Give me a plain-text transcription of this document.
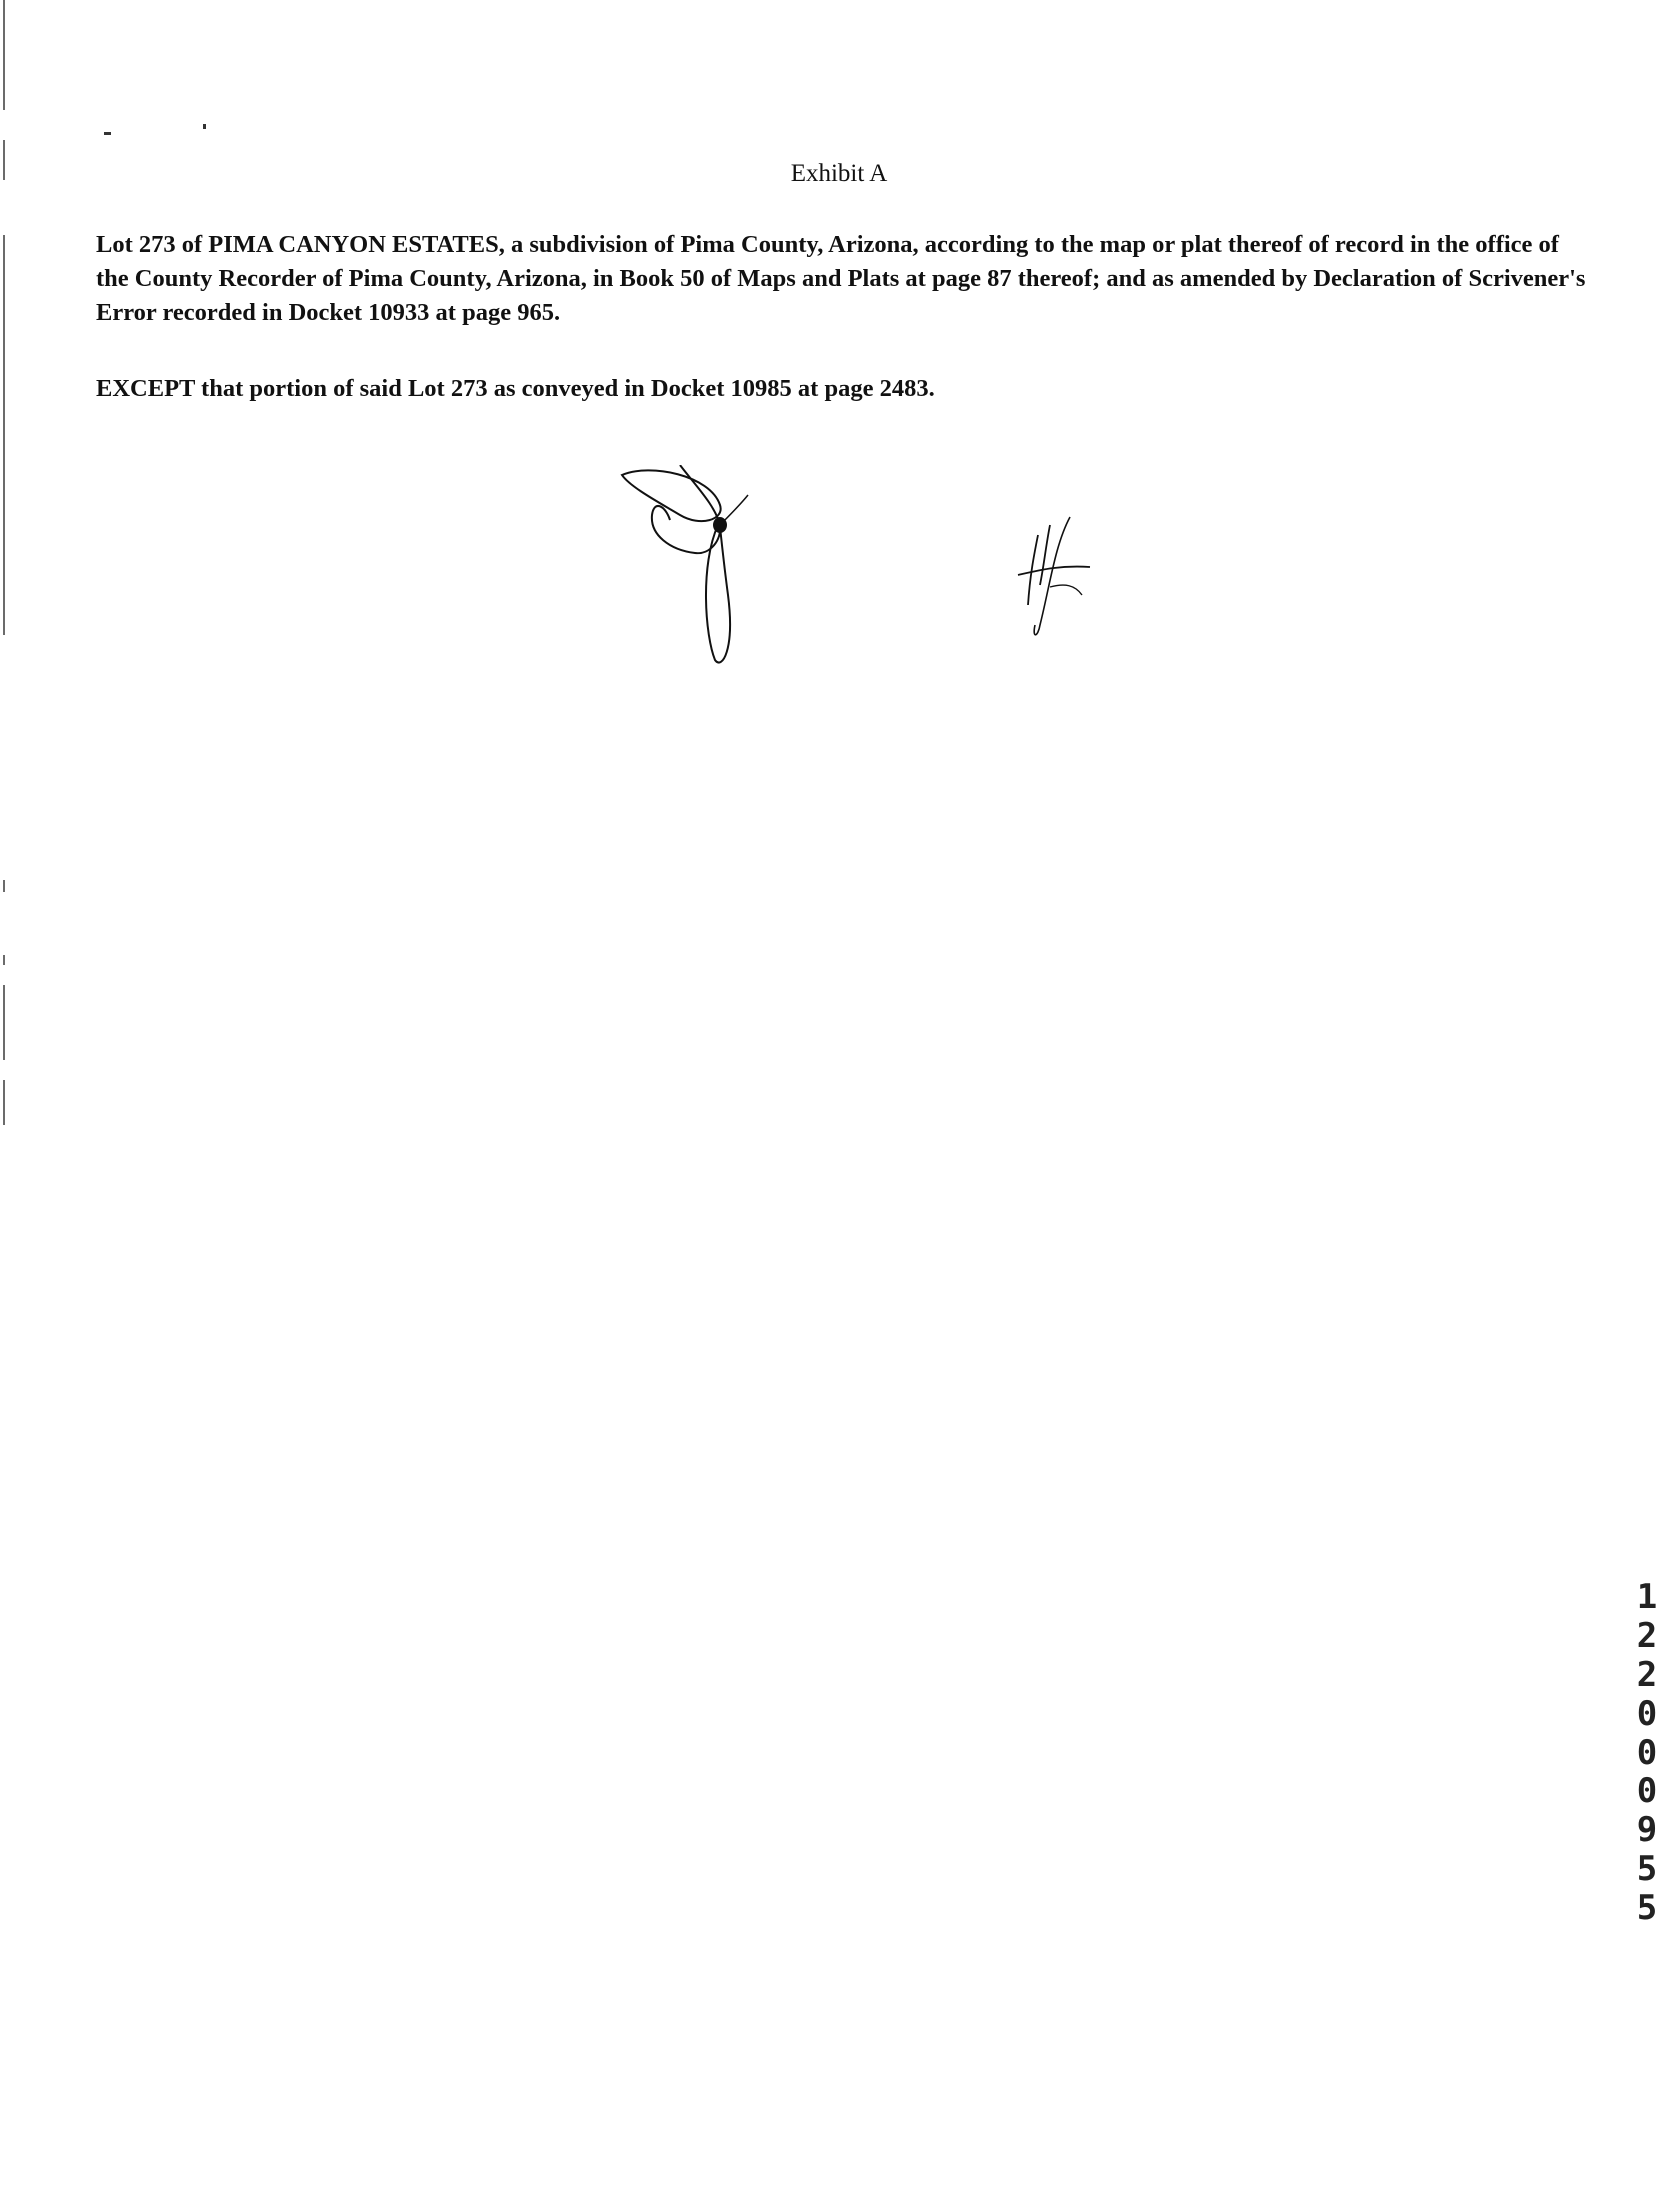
Exhibit A

Lot 273 of PIMA CANYON ESTATES, a subdivision of Pima County, Arizona, according to the map or plat thereof of record in the office of the County Recorder of Pima County, Arizona, in Book 50 of Maps and Plats at page 87 thereof; and as amended by Declaration of Scrivener's Error recorded in Docket 10933 at page 965.

EXCEPT that portion of said Lot 273 as conveyed in Docket 10985 at page 2483.

1
2
2
0
0
0
9
5
5
